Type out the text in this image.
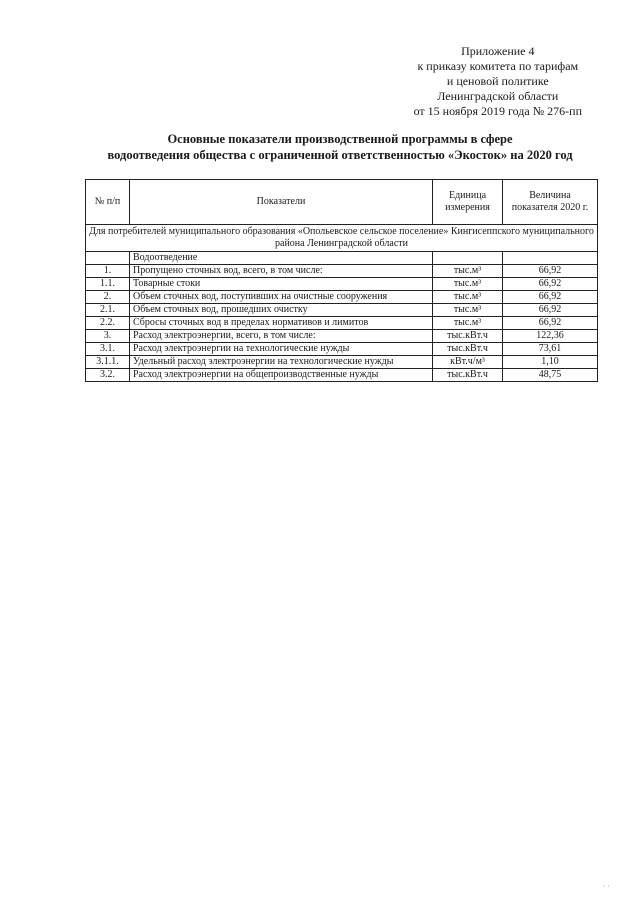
Приложение 4
к приказу комитета по тарифам
и ценовой политике
Ленинградской области
от 15 ноября 2019 года № 276-пп
Основные показатели производственной программы в сфере
водоотведения общества с ограниченной ответственностью «Экосток» на 2020 год
№ п/п	Показатели	Единица измерения	Величина показателя 2020 г.
Для потребителей муниципального образования «Опольевское сельское поселение» Кингисеппского муниципального района Ленинградской области			
	Водоотведение		
1.	Пропущено сточных вод, всего, в том числе:	тыс.м³	66,92
1.1.	Товарные стоки	тыс.м³	66,92
2.	Объем сточных вод, поступивших на очистные сооружения	тыс.м³	66,92
2.1.	Объем сточных вод, прошедших очистку	тыс.м³	66,92
2.2.	Сбросы сточных вод в пределах нормативов и лимитов	тыс.м³	66,92
3.	Расход электроэнергии, всего, в том числе:	тыс.кВт.ч	122,36
3.1.	Расход электроэнергии на технологические нужды	тыс.кВт.ч	73,61
3.1.1.	Удельный расход электроэнергии на технологические нужды	кВт.ч/м³	1,10
3.2.	Расход электроэнергии на общепроизводственные нужды	тыс.кВт.ч	48,75
· ·
